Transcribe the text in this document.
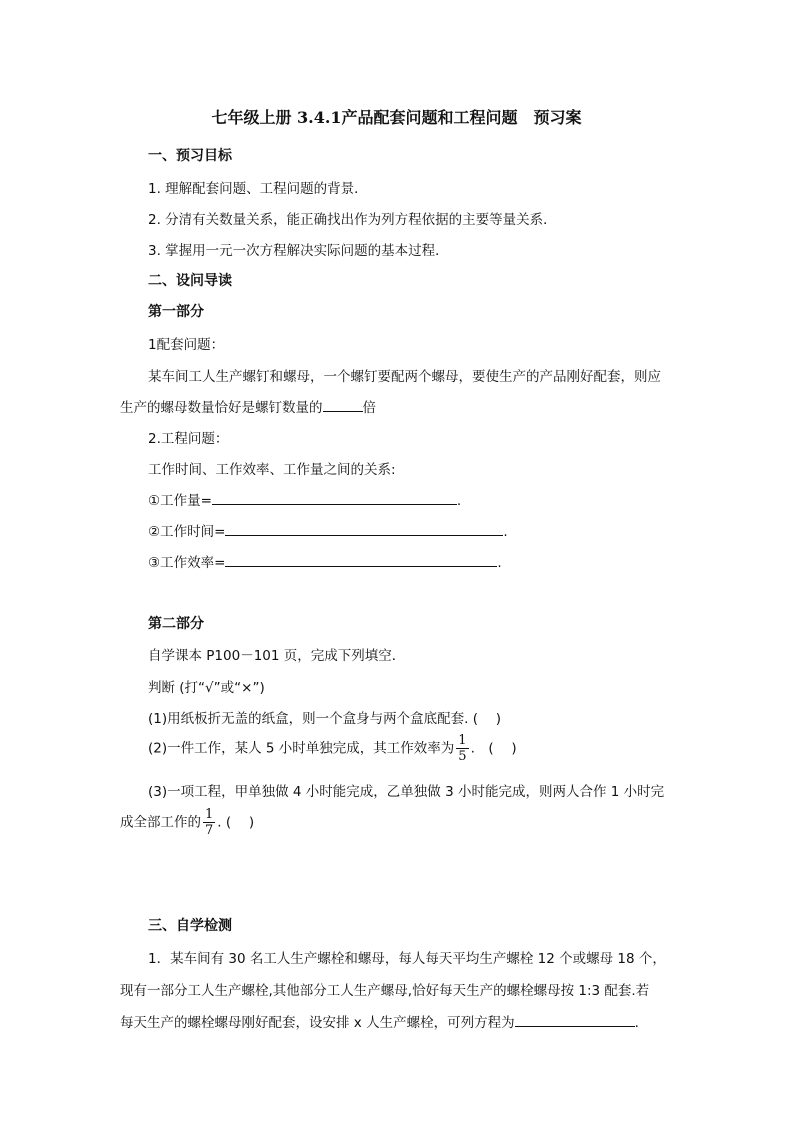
七年级上册 3.4.1产品配套问题和工程问题　预习案
一、预习目标
1. 理解配套问题、工程问题的背景．
2. 分清有关数量关系，能正确找出作为列方程依据的主要等量关系．
3. 掌握用一元一次方程解决实际问题的基本过程．
二、设问导读
第一部分
1配套问题：
某车间工人生产螺钉和螺母，一个螺钉要配两个螺母，要使生产的产品刚好配套，则应
生产的螺母数量恰好是螺钉数量的	倍
2.工程问题：
工作时间、工作效率、工作量之间的关系:
①工作量=	.
②工作时间=	.
③工作效率=	.
第二部分
自学课本 P100－101 页，完成下列填空．
判断 (打“√”或“×”)
(1)用纸板折无盖的纸盒，则一个盒身与两个盒底配套. (　 )
(2)一件工作，某人 5 小时单独完成，其工作效率为 $\frac{1}{5}$ .　(　 )
(3)一项工程，甲单独做 4 小时能完成，乙单独做 3 小时能完成，则两人合作 1 小时完
成全部工作的 $\frac{1}{7}$ . (　 )
三、自学检测
1．某车间有 30 名工人生产螺栓和螺母，每人每天平均生产螺栓 12 个或螺母 18 个，
现有一部分工人生产螺栓,其他部分工人生产螺母,恰好每天生产的螺栓螺母按 1:3 配套.若
每天生产的螺栓螺母刚好配套，设安排 x 人生产螺栓，可列方程为	.
